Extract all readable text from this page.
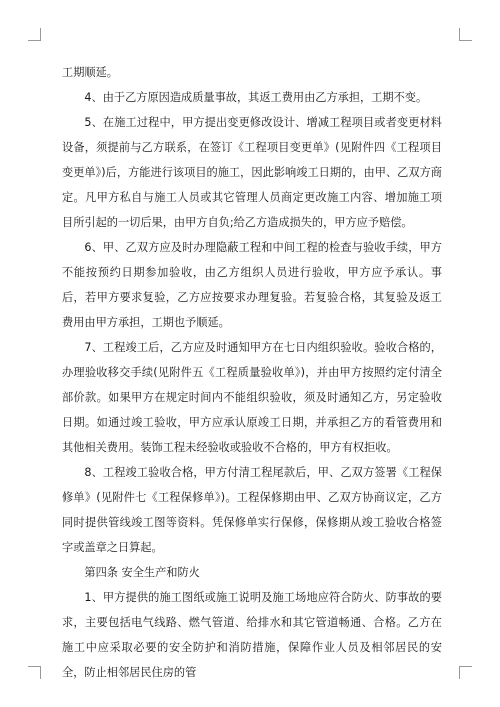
工期顺延。

4、由于乙方原因造成质量事故，其返工费用由乙方承担，工期不变。

5、在施工过程中，甲方提出变更修改设计、增减工程项目或者变更材料设备，须提前与乙方联系，在签订《工程项目变更单》(见附件四《工程项目变更单》)后，方能进行该项目的施工，因此影响竣工日期的，由甲、乙双方商定。凡甲方私自与施工人员或其它管理人员商定更改施工内容、增加施工项目所引起的一切后果，由甲方自负;给乙方造成损失的，甲方应予赔偿。

6、甲、乙双方应及时办理隐蔽工程和中间工程的检查与验收手续，甲方不能按预约日期参加验收，由乙方组织人员进行验收，甲方应予承认。事后，若甲方要求复验，乙方应按要求办理复验。若复验合格，其复验及返工费用由甲方承担，工期也予顺延。

7、工程竣工后，乙方应及时通知甲方在七日内组织验收。验收合格的，办理验收移交手续(见附件五《工程质量验收单》)，并由甲方按照约定付清全部价款。如果甲方在规定时间内不能组织验收，须及时通知乙方，另定验收日期。如通过竣工验收，甲方应承认原竣工日期，并承担乙方的看管费用和其他相关费用。装饰工程未经验收或验收不合格的，甲方有权拒收。

8、工程竣工验收合格，甲方付清工程尾款后，甲、乙双方签署《工程保修单》(见附件七《工程保修单》)。工程保修期由甲、乙双方协商议定，乙方同时提供管线竣工图等资料。凭保修单实行保修，保修期从竣工验收合格签字或盖章之日算起。

第四条 安全生产和防火

1、甲方提供的施工图纸或施工说明及施工场地应符合防火、防事故的要求，主要包括电气线路、燃气管道、给排水和其它管道畅通、合格。乙方在施工中应采取必要的安全防护和消防措施，保障作业人员及相邻居民的安全，防止相邻居民住房的管
